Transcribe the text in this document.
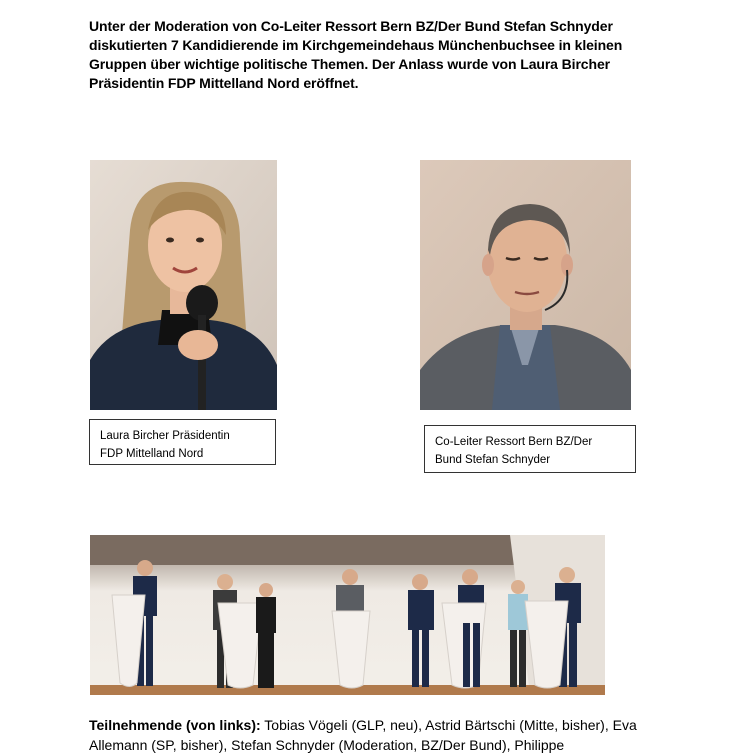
Unter der Moderation von Co-Leiter Ressort Bern BZ/Der Bund Stefan Schnyder diskutierten 7 Kandidierende im Kirchgemeindehaus Münchenbuchsee in kleinen Gruppen über wichtige politische Themen. Der Anlass wurde von Laura Bircher Präsidentin FDP Mittelland Nord eröffnet.

Laura Bircher Präsidentin
FDP Mittelland Nord
Co-Leiter Ressort Bern BZ/Der
Bund Stefan Schnyder

Teilnehmende (von links): Tobias Vögeli (GLP, neu), Astrid Bärtschi (Mitte, bisher), Eva Allemann (SP, bisher), Stefan Schnyder (Moderation, BZ/Der Bund), Philippe
